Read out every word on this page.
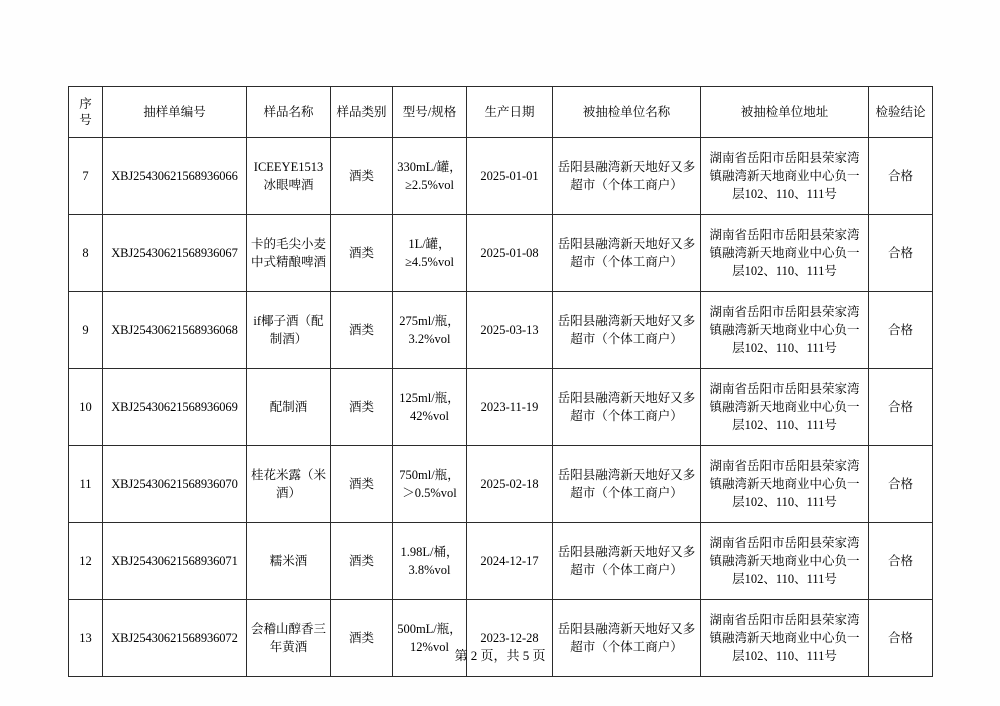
序
号	抽样单编号	样品名称	样品类别	型号/规格	生产日期	被抽检单位名称	被抽检单位地址	检验结论
7	XBJ25430621568936066	ICEEYE1513冰眼啤酒	酒类	330mL/罐，≥2.5%vol	2025-01-01	岳阳县融湾新天地好又多超市（个体工商户）	湖南省岳阳市岳阳县荣家湾镇融湾新天地商业中心负一层102、110、111号	合格
8	XBJ25430621568936067	卡的毛尖小麦中式精酿啤酒	酒类	1L/罐，≥4.5%vol	2025-01-08	岳阳县融湾新天地好又多超市（个体工商户）	湖南省岳阳市岳阳县荣家湾镇融湾新天地商业中心负一层102、110、111号	合格
9	XBJ25430621568936068	if椰子酒（配制酒）	酒类	275ml/瓶，3.2%vol	2025-03-13	岳阳县融湾新天地好又多超市（个体工商户）	湖南省岳阳市岳阳县荣家湾镇融湾新天地商业中心负一层102、110、111号	合格
10	XBJ25430621568936069	配制酒	酒类	125ml/瓶，42%vol	2023-11-19	岳阳县融湾新天地好又多超市（个体工商户）	湖南省岳阳市岳阳县荣家湾镇融湾新天地商业中心负一层102、110、111号	合格
11	XBJ25430621568936070	桂花米露（米酒）	酒类	750ml/瓶，＞0.5%vol	2025-02-18	岳阳县融湾新天地好又多超市（个体工商户）	湖南省岳阳市岳阳县荣家湾镇融湾新天地商业中心负一层102、110、111号	合格
12	XBJ25430621568936071	糯米酒	酒类	1.98L/桶，3.8%vol	2024-12-17	岳阳县融湾新天地好又多超市（个体工商户）	湖南省岳阳市岳阳县荣家湾镇融湾新天地商业中心负一层102、110、111号	合格
13	XBJ25430621568936072	会稽山醇香三年黄酒	酒类	500mL/瓶，12%vol	2023-12-28	岳阳县融湾新天地好又多超市（个体工商户）	湖南省岳阳市岳阳县荣家湾镇融湾新天地商业中心负一层102、110、111号	合格
第 2 页，共 5 页
